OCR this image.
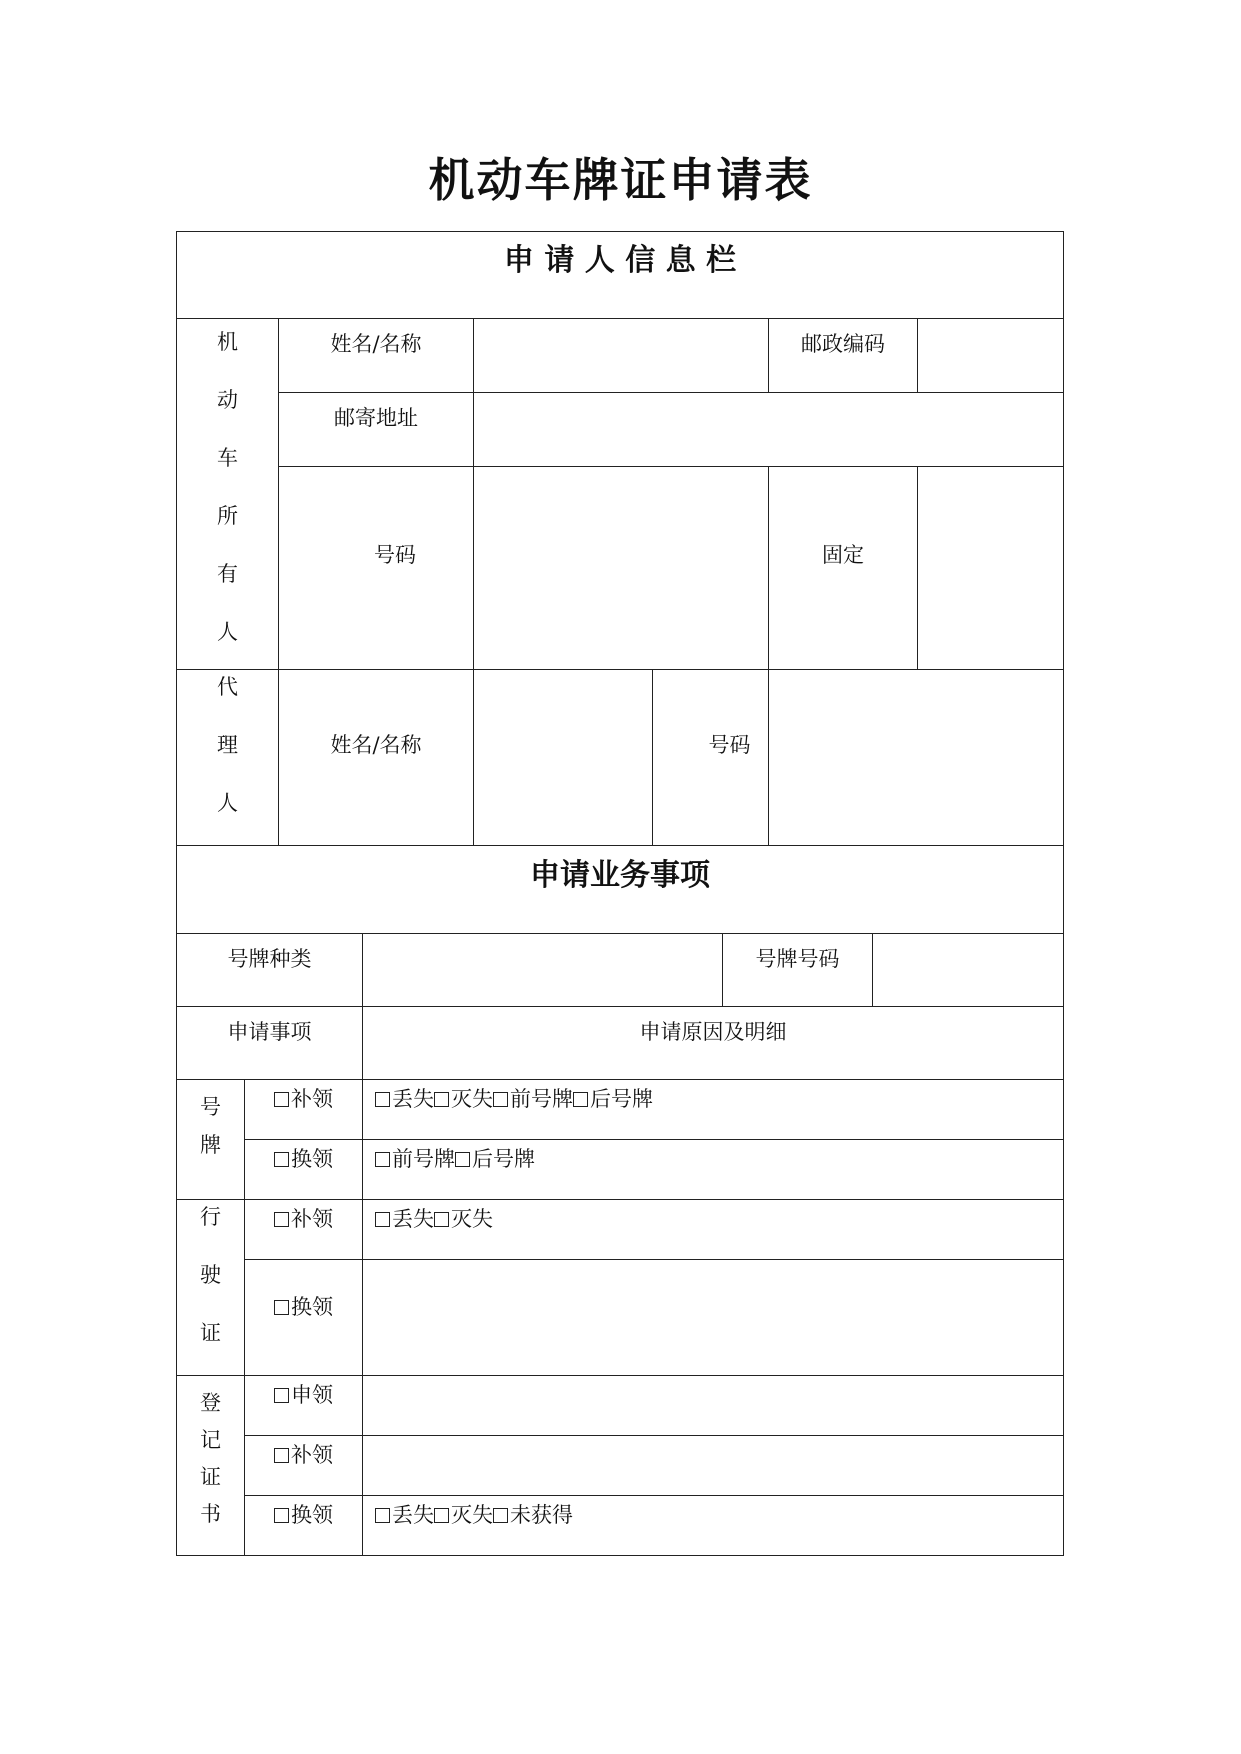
机动车牌证申请表
申 请 人 信 息 栏
机
动
车
所
有
人
姓名/名称	邮政编码
邮寄地址
号码	固定
代
理
人
姓名/名称	号码
申请业务事项
号牌种类	号牌号码
申请事项	申请原因及明细
号
牌
补领	丢失 灭失 前号牌 后号牌
换领	前号牌 后号牌
行
驶
证
补领	丢失 灭失
换领
登
记
证
书
申领
补领
换领	丢失 灭失 未获得
